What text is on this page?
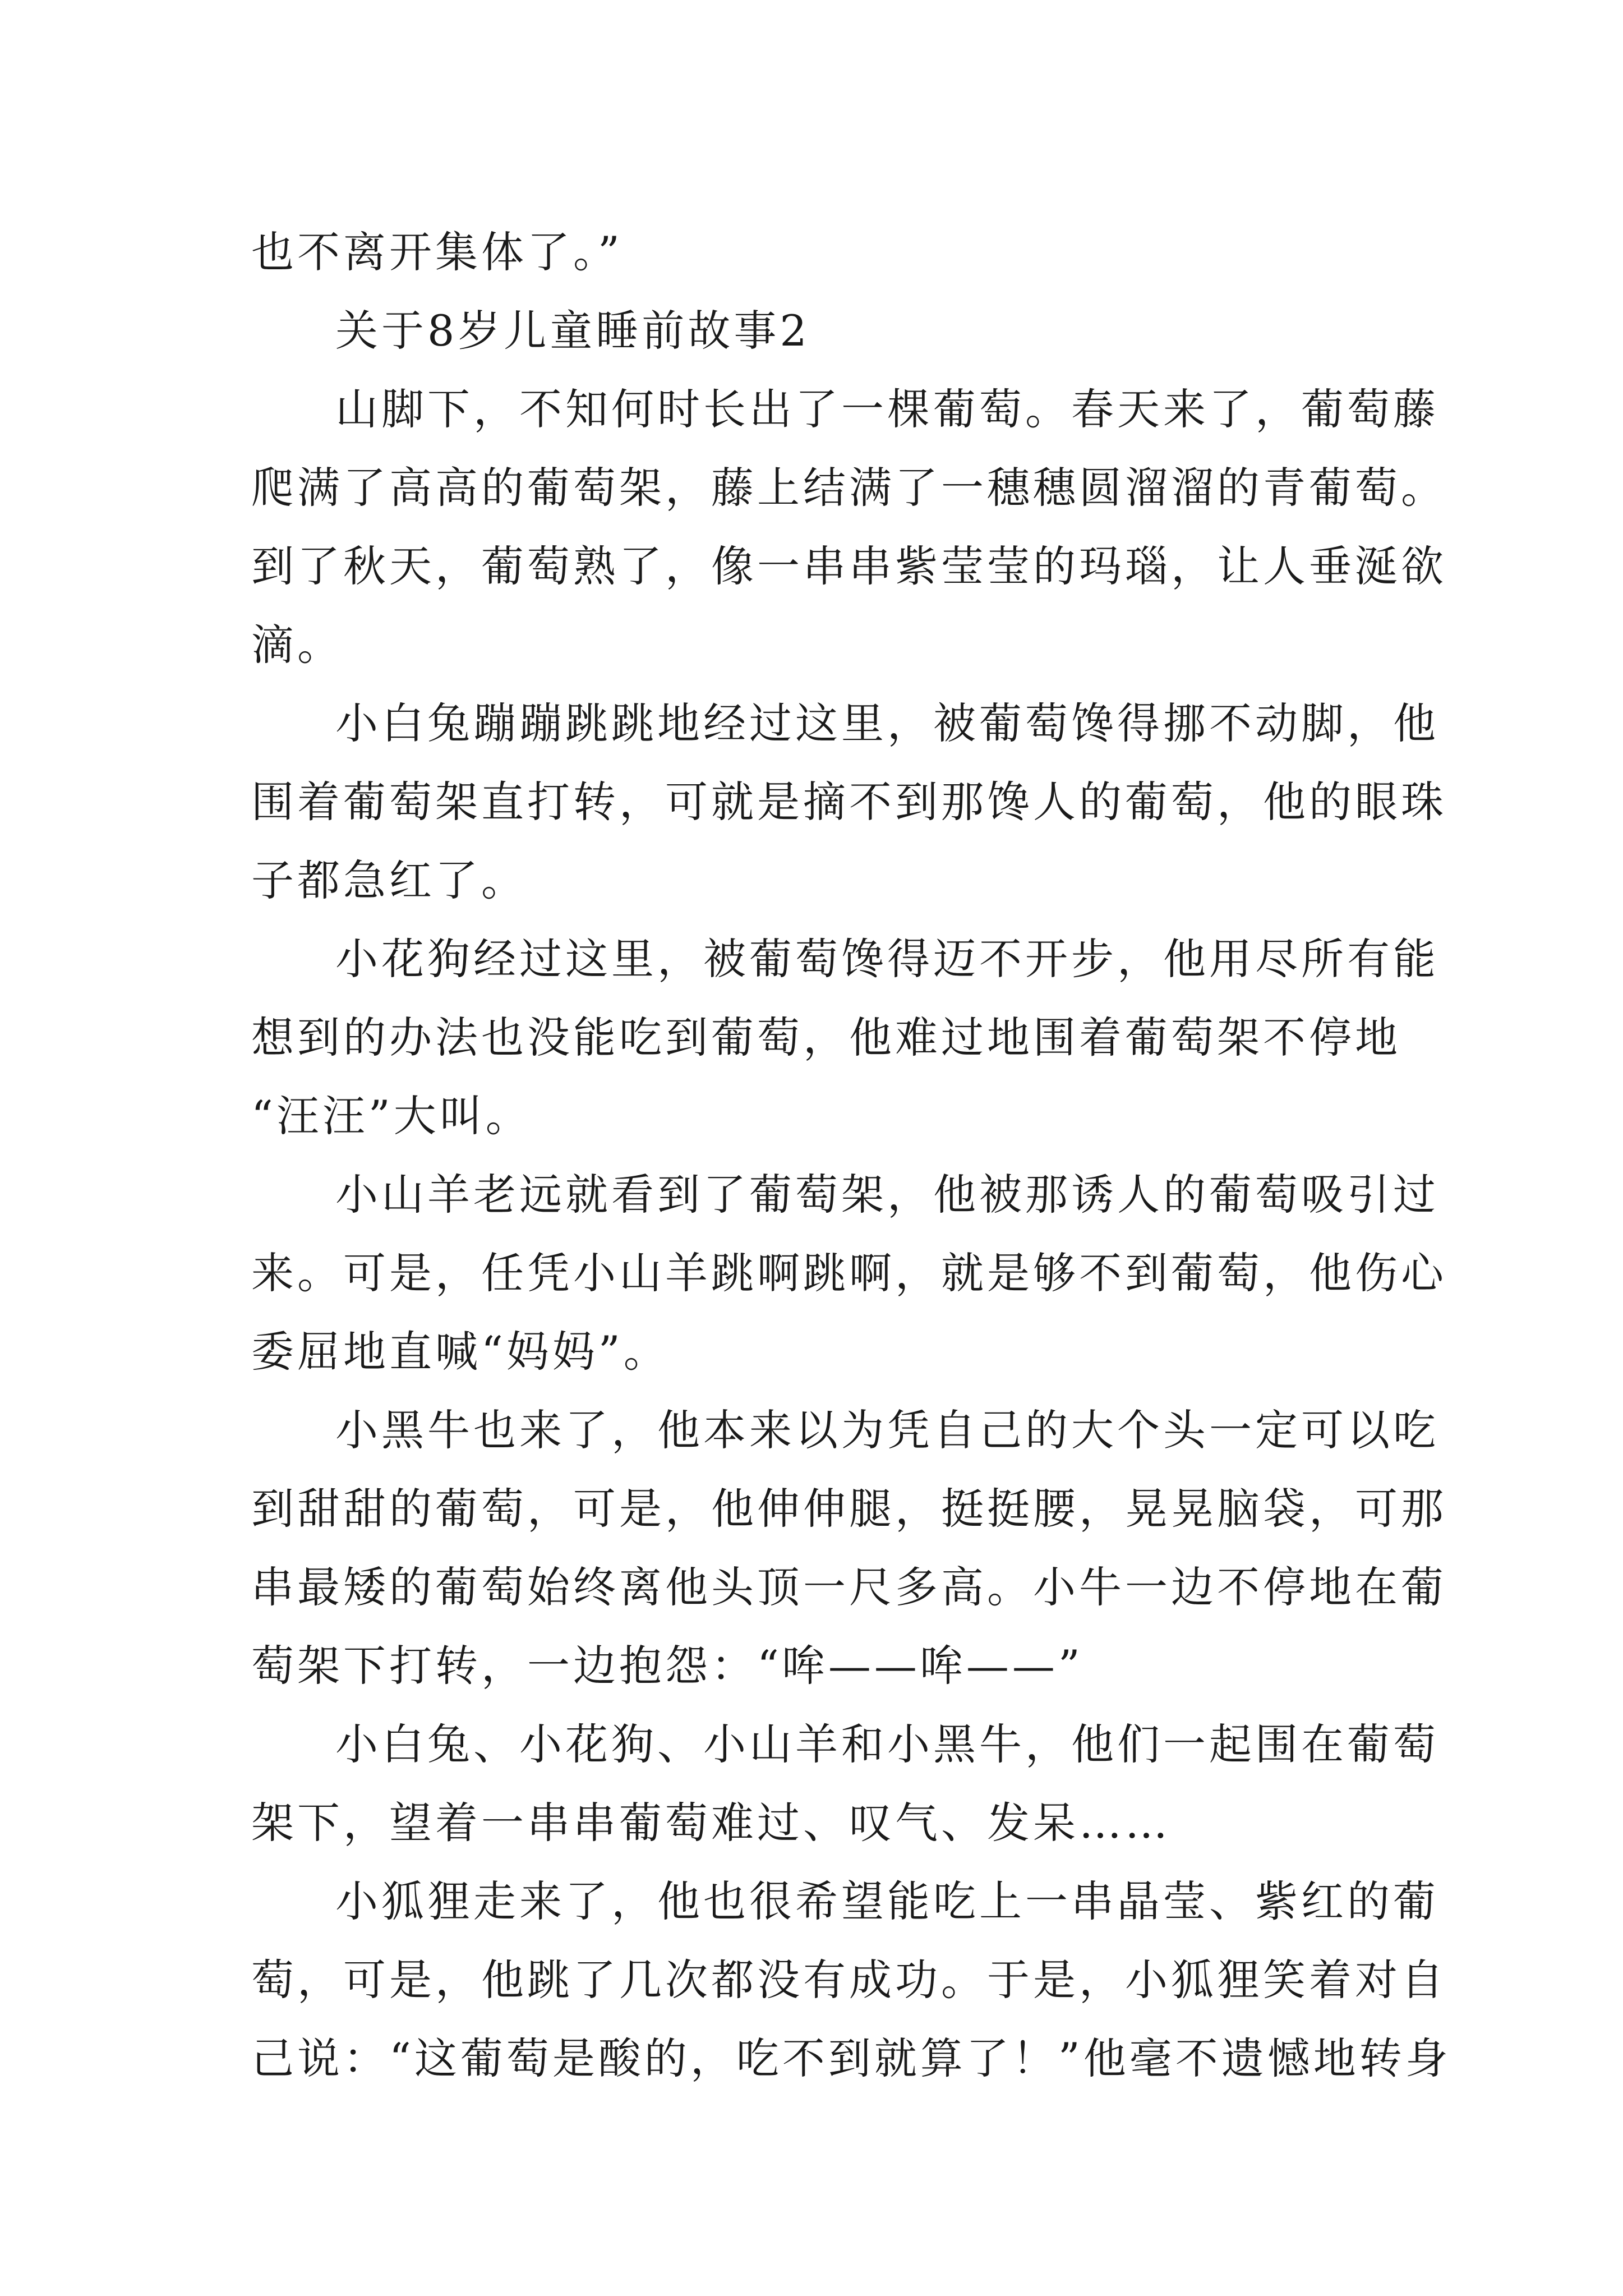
也不离开集体了。”
关于8岁儿童睡前故事2
山脚下，不知何时长出了一棵葡萄。春天来了，葡萄藤
爬满了高高的葡萄架，藤上结满了一穗穗圆溜溜的青葡萄。
到了秋天，葡萄熟了，像一串串紫莹莹的玛瑙，让人垂涎欲
滴。
小白兔蹦蹦跳跳地经过这里，被葡萄馋得挪不动脚，他
围着葡萄架直打转，可就是摘不到那馋人的葡萄，他的眼珠
子都急红了。
小花狗经过这里，被葡萄馋得迈不开步，他用尽所有能
想到的办法也没能吃到葡萄，他难过地围着葡萄架不停地
“汪汪”大叫。
小山羊老远就看到了葡萄架，他被那诱人的葡萄吸引过
来。可是，任凭小山羊跳啊跳啊，就是够不到葡萄，他伤心
委屈地直喊“妈妈”。
小黑牛也来了，他本来以为凭自己的大个头一定可以吃
到甜甜的葡萄，可是，他伸伸腿，挺挺腰，晃晃脑袋，可那
串最矮的葡萄始终离他头顶一尺多高。小牛一边不停地在葡
萄架下打转，一边抱怨：“哞——哞——”
小白兔、小花狗、小山羊和小黑牛，他们一起围在葡萄
架下，望着一串串葡萄难过、叹气、发呆……
小狐狸走来了，他也很希望能吃上一串晶莹、紫红的葡
萄，可是，他跳了几次都没有成功。于是，小狐狸笑着对自
己说：“这葡萄是酸的，吃不到就算了！”他毫不遗憾地转身
